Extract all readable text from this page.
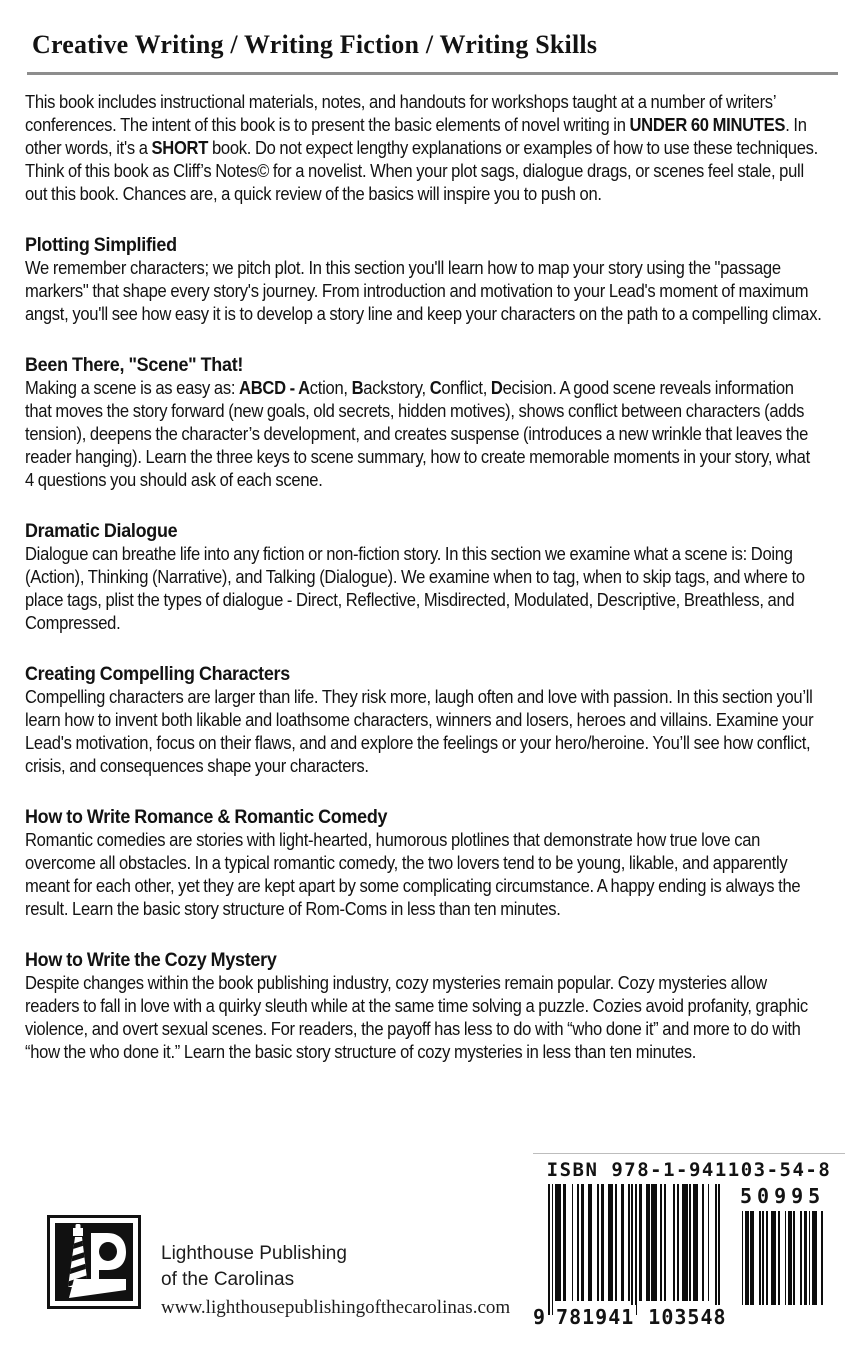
Creative Writing / Writing Fiction / Writing Skills

This book includes instructional materials, notes, and handouts for workshops taught at a number of writers’ conferences. The intent of this book is to present the basic elements of novel writing in UNDER 60 MINUTES. In other words, it's a SHORT book. Do not expect lengthy explanations or examples of how to use these techniques. Think of this book as Cliff’s Notes© for a novelist. When your plot sags, dialogue drags, or scenes feel stale, pull out this book. Chances are, a quick review of the basics will inspire you to push on.

Plotting Simplified

We remember characters; we pitch plot. In this section you'll learn how to map your story using the "passage markers" that shape every story's journey. From introduction and motivation to your Lead's moment of maximum angst, you'll see how easy it is to develop a story line and keep your characters on the path to a compelling climax.

Been There, "Scene" That!

Making a scene is as easy as: ABCD - Action, Backstory, Conflict, Decision. A good scene reveals information that moves the story forward (new goals, old secrets, hidden motives), shows conflict between characters (adds tension), deepens the character’s development, and creates suspense (introduces a new wrinkle that leaves the reader hanging). Learn the three keys to scene summary, how to create memorable moments in your story, what 4 questions you should ask of each scene.

Dramatic Dialogue

Dialogue can breathe life into any fiction or non-fiction story. In this section we examine what a scene is: Doing (Action), Thinking (Narrative), and Talking (Dialogue). We examine when to tag, when to skip tags, and where to place tags, plist the types of dialogue - Direct, Reflective, Misdirected, Modulated, Descriptive, Breathless, and Compressed.

Creating Compelling Characters

Compelling characters are larger than life. They risk more, laugh often and love with passion. In this section you’ll learn how to invent both likable and loathsome characters, winners and losers, heroes and villains. Examine your Lead's motivation, focus on their flaws, and and explore the feelings or your hero/heroine. You’ll see how conflict, crisis, and consequences shape your characters.

How to Write Romance & Romantic Comedy

Romantic comedies are stories with light-hearted, humorous plotlines that demonstrate how true love can overcome all obstacles. In a typical romantic comedy, the two lovers tend to be young, likable, and apparently meant for each other, yet they are kept apart by some complicating circumstance. A happy ending is always the result. Learn the basic story structure of Rom-Coms in less than ten minutes.

How to Write the Cozy Mystery

Despite changes within the book publishing industry, cozy mysteries remain popular. Cozy mysteries allow readers to fall in love with a quirky sleuth while at the same time solving a puzzle. Cozies avoid profanity, graphic violence, and overt sexual scenes. For readers, the payoff has less to do with “who done it” and more to do with “how the who done it.” Learn the basic story structure of cozy mysteries in less than ten minutes.

Lighthouse Publishing
of the Carolinas
www.lighthousepublishingofthecarolinas.com
ISBN 978-1-941103-54-8
9 781941 103548
50995
